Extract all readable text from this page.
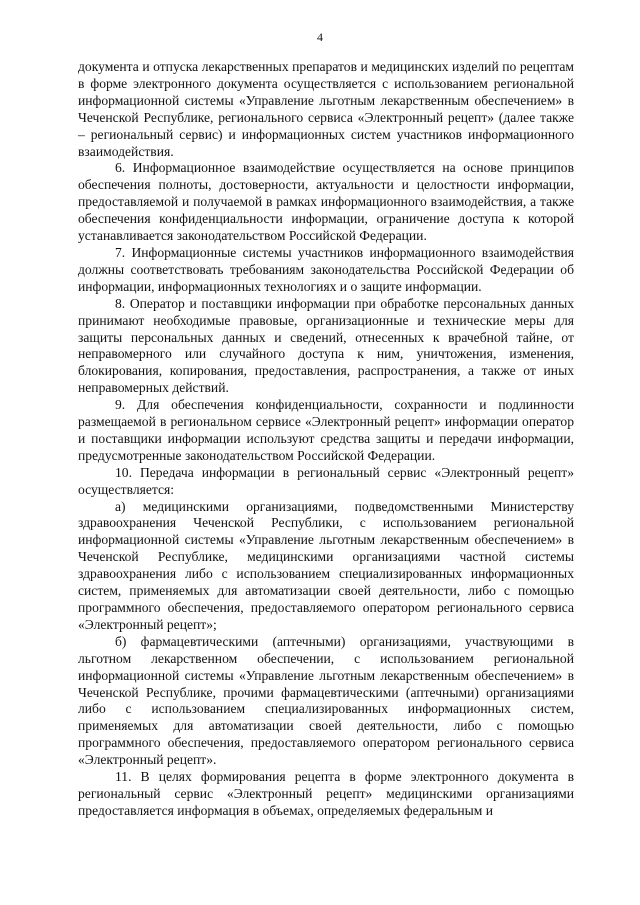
4

документа и отпуска лекарственных препаратов и медицинских изделий по рецептам в форме электронного документа осуществляется с использованием региональной информационной системы «Управление льготным лекарственным обеспечением» в Чеченской Республике, регионального сервиса «Электронный рецепт» (далее также – региональный сервис) и информационных систем участников информационного взаимодействия.

6. Информационное взаимодействие осуществляется на основе принципов обеспечения полноты, достоверности, актуальности и целостности информации, предоставляемой и получаемой в рамках информационного взаимодействия, а также обеспечения конфиденциальности информации, ограничение доступа к которой устанавливается законодательством Российской Федерации.

7. Информационные системы участников информационного взаимодействия должны соответствовать требованиям законодательства Российской Федерации об информации, информационных технологиях и о защите информации.

8. Оператор и поставщики информации при обработке персональных данных принимают необходимые правовые, организационные и технические меры для защиты персональных данных и сведений, отнесенных к врачебной тайне, от неправомерного или случайного доступа к ним, уничтожения, изменения, блокирования, копирования, предоставления, распространения, а также от иных неправомерных действий.

9. Для обеспечения конфиденциальности, сохранности и подлинности размещаемой в региональном сервисе «Электронный рецепт» информации оператор и поставщики информации используют средства защиты и передачи информации, предусмотренные законодательством Российской Федерации.

10. Передача информации в региональный сервис «Электронный рецепт» осуществляется:

а) медицинскими организациями, подведомственными Министерству здравоохранения Чеченской Республики, с использованием региональной информационной системы «Управление льготным лекарственным обеспечением» в Чеченской Республике, медицинскими организациями частной системы здравоохранения либо с использованием специализированных информационных систем, применяемых для автоматизации своей деятельности, либо с помощью программного обеспечения, предоставляемого оператором регионального сервиса «Электронный рецепт»;

б) фармацевтическими (аптечными) организациями, участвующими в льготном лекарственном обеспечении, с использованием региональной информационной системы «Управление льготным лекарственным обеспечением» в Чеченской Республике, прочими фармацевтическими (аптечными) организациями либо с использованием специализированных информационных систем, применяемых для автоматизации своей деятельности, либо с помощью программного обеспечения, предоставляемого оператором регионального сервиса «Электронный рецепт».

11. В целях формирования рецепта в форме электронного документа в региональный сервис «Электронный рецепт» медицинскими организациями предоставляется информация в объемах, определяемых федеральным и
